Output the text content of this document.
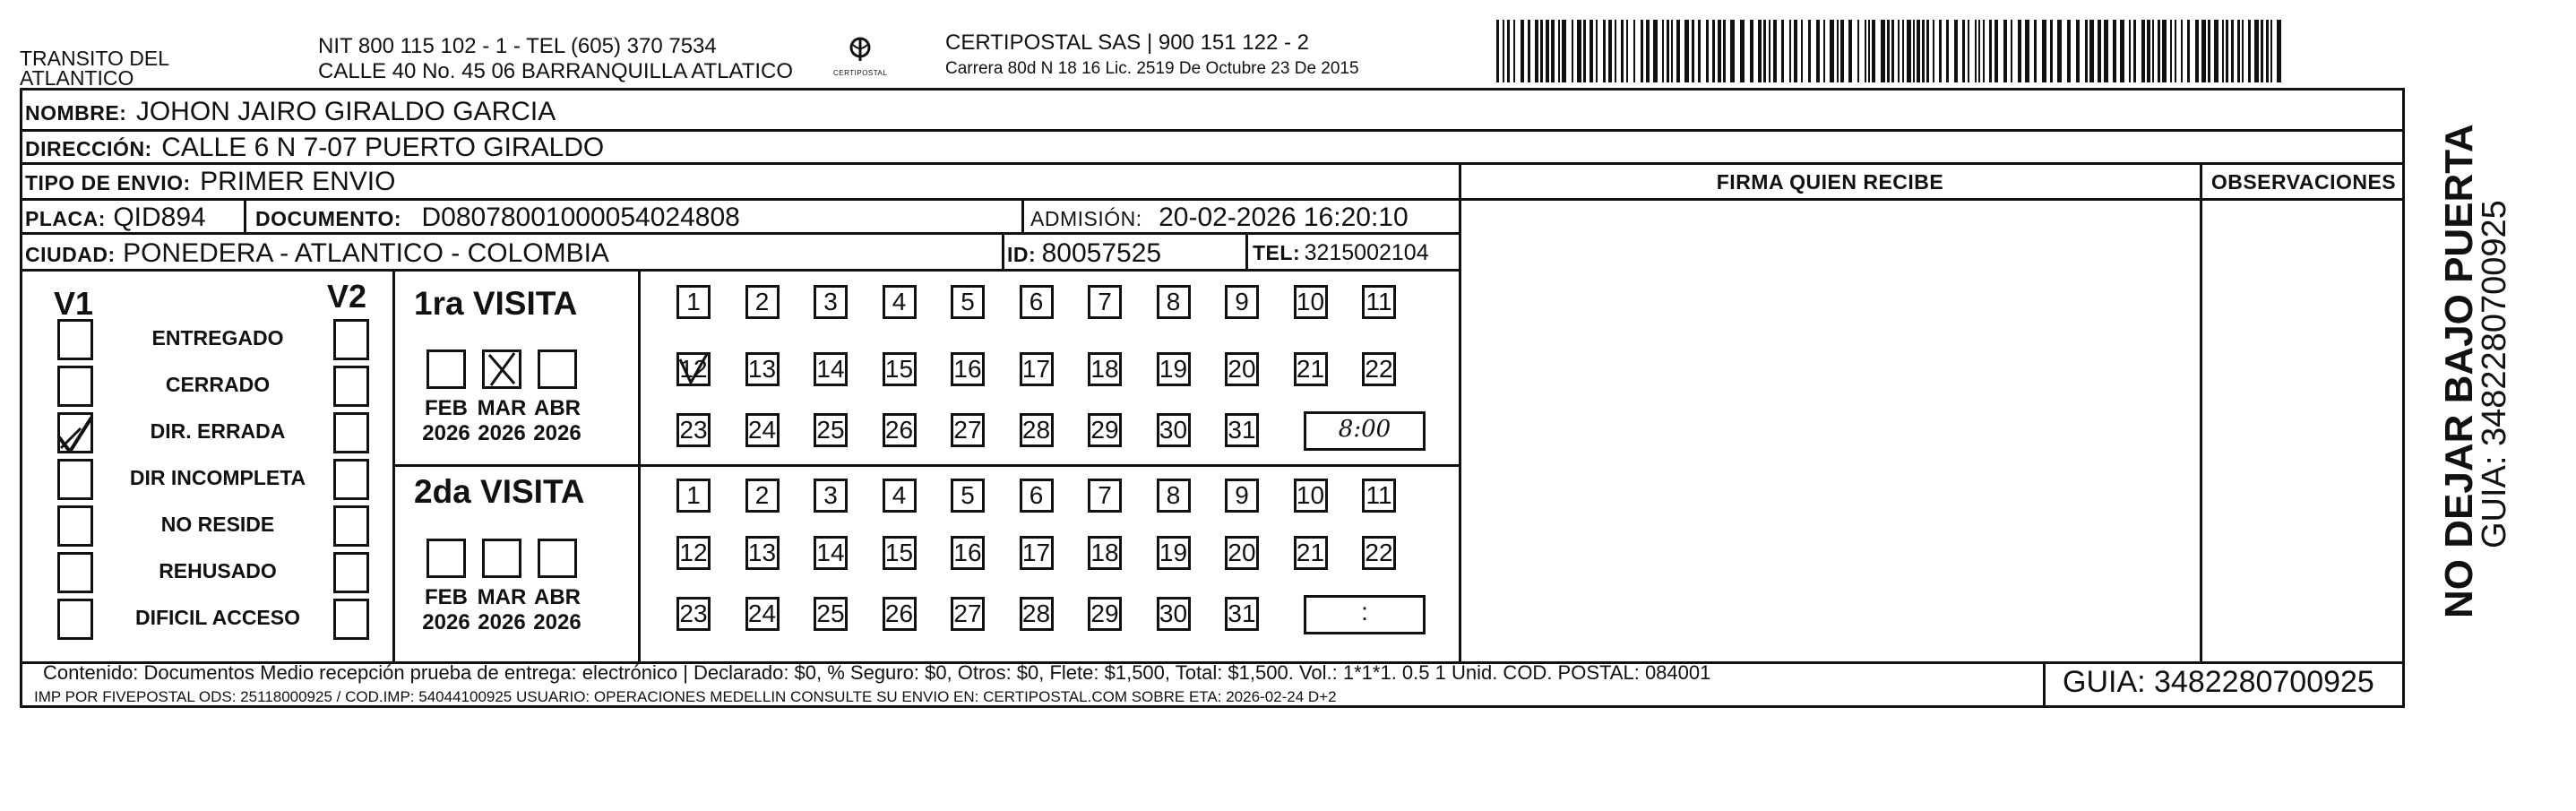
TRANSITO DEL
ATLANTICO
NIT 800 115 102 - 1 - TEL (605) 370 7534
CALLE 40 No. 45 06 BARRANQUILLA ATLATICO	CERTIPOSTAL
CERTIPOSTAL SAS | 900 151 122 - 2
Carrera 80d N 18 16 Lic. 2519 De Octubre 23 De 2015
NOMBRE: JOHON JAIRO GIRALDO GARCIA
DIRECCIÓN: CALLE 6 N 7-07 PUERTO GIRALDO
TIPO DE ENVIO: PRIMER ENVIO	FIRMA QUIEN RECIBE	OBSERVACIONES
PLACA: QID894 DOCUMENTO: D08078001000054024808	ADMISIÓN: 20-02-2026 16:20:10
CIUDAD: PONEDERA - ATLANTICO - COLOMBIA	ID: 80057525	TEL: 3215002104
V1	V2
ENTREGADO
CERRADO
DIR. ERRADA
DIR INCOMPLETA
NO RESIDE
REHUSADO
DIFICIL ACCESO
1ra VISITA
2da VISITA
FEB
2026
MAR
2026
ABR
2026
FEB
2026
MAR
2026
ABR
2026
1	2	3	4	5	6	7	8	9	10 11
12 13 14 15 16 17 18 19 20 21 22
23 24 25 26 27 28 29 30 31	8:00
1	2	3	4	5	6	7	8	9	10 11
12 13 14 15 16 17 18 19 20 21 22
23 24 25 26 27 28 29 30 31	:
Contenido: Documentos Medio recepción prueba de entrega: electrónico | Declarado: $0, % Seguro: $0, Otros: $0, Flete: $1,500, Total: $1,500. Vol.: 1*1*1. 0.5 1 Unid. COD. POSTAL: 084001
IMP POR FIVEPOSTAL ODS: 25118000925 / COD.IMP: 54044100925 USUARIO: OPERACIONES MEDELLIN CONSULTE SU ENVIO EN: CERTIPOSTAL.COM SOBRE ETA: 2026-02-24 D+2	GUIA: 3482280700925
NO DEJAR BAJO PUERTA
GUIA: 3482280700925
